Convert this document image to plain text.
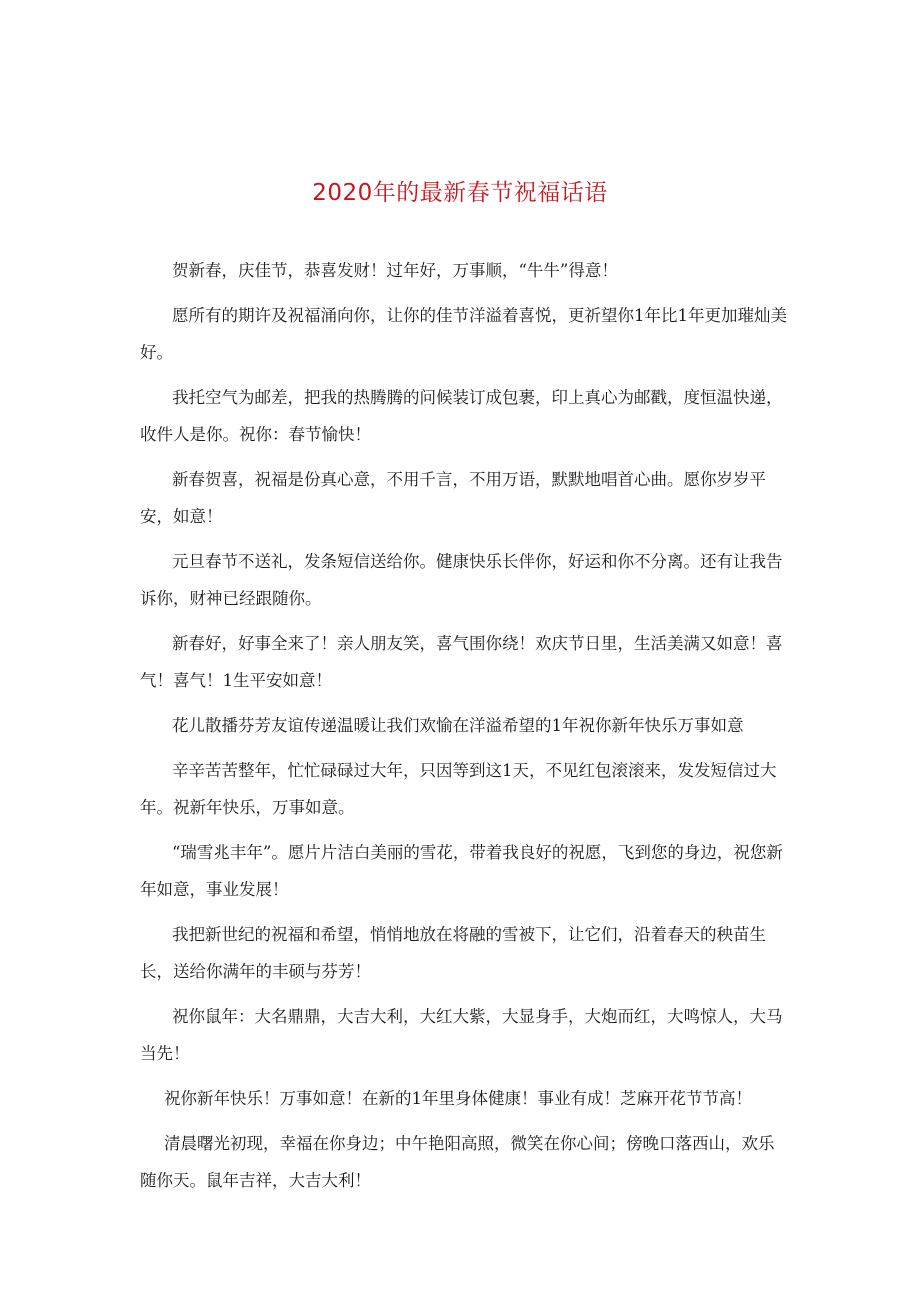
2020年的最新春节祝福话语

贺新春，庆佳节，恭喜发财！过年好，万事顺，“牛牛”得意！

愿所有的期许及祝福涌向你，让你的佳节洋溢着喜悦，更祈望你1年比1年更加璀灿美好。

我托空气为邮差，把我的热腾腾的问候装订成包裹，印上真心为邮戳，度恒温快递，收件人是你。祝你：春节愉快！

新春贺喜，祝福是份真心意，不用千言，不用万语，默默地唱首心曲。愿你岁岁平安，如意！

元旦春节不送礼，发条短信送给你。健康快乐长伴你，好运和你不分离。还有让我告诉你，财神已经跟随你。

新春好，好事全来了！亲人朋友笑，喜气围你绕！欢庆节日里，生活美满又如意！喜气！喜气！1生平安如意！

花儿散播芬芳友谊传递温暖让我们欢愉在洋溢希望的1年祝你新年快乐万事如意

辛辛苦苦整年，忙忙碌碌过大年，只因等到这1天，不见红包滚滚来，发发短信过大年。祝新年快乐，万事如意。

“瑞雪兆丰年”。愿片片洁白美丽的雪花，带着我良好的祝愿，飞到您的身边，祝您新年如意，事业发展！

我把新世纪的祝福和希望，悄悄地放在将融的雪被下，让它们，沿着春天的秧苗生长，送给你满年的丰硕与芬芳！

祝你鼠年：大名鼎鼎，大吉大利，大红大紫，大显身手，大炮而红，大鸣惊人，大马当先！

祝你新年快乐！万事如意！在新的1年里身体健康！事业有成！芝麻开花节节高！

清晨曙光初现，幸福在你身边；中午艳阳高照，微笑在你心间；傍晚口落西山，欢乐随你天。鼠年吉祥，大吉大利！
